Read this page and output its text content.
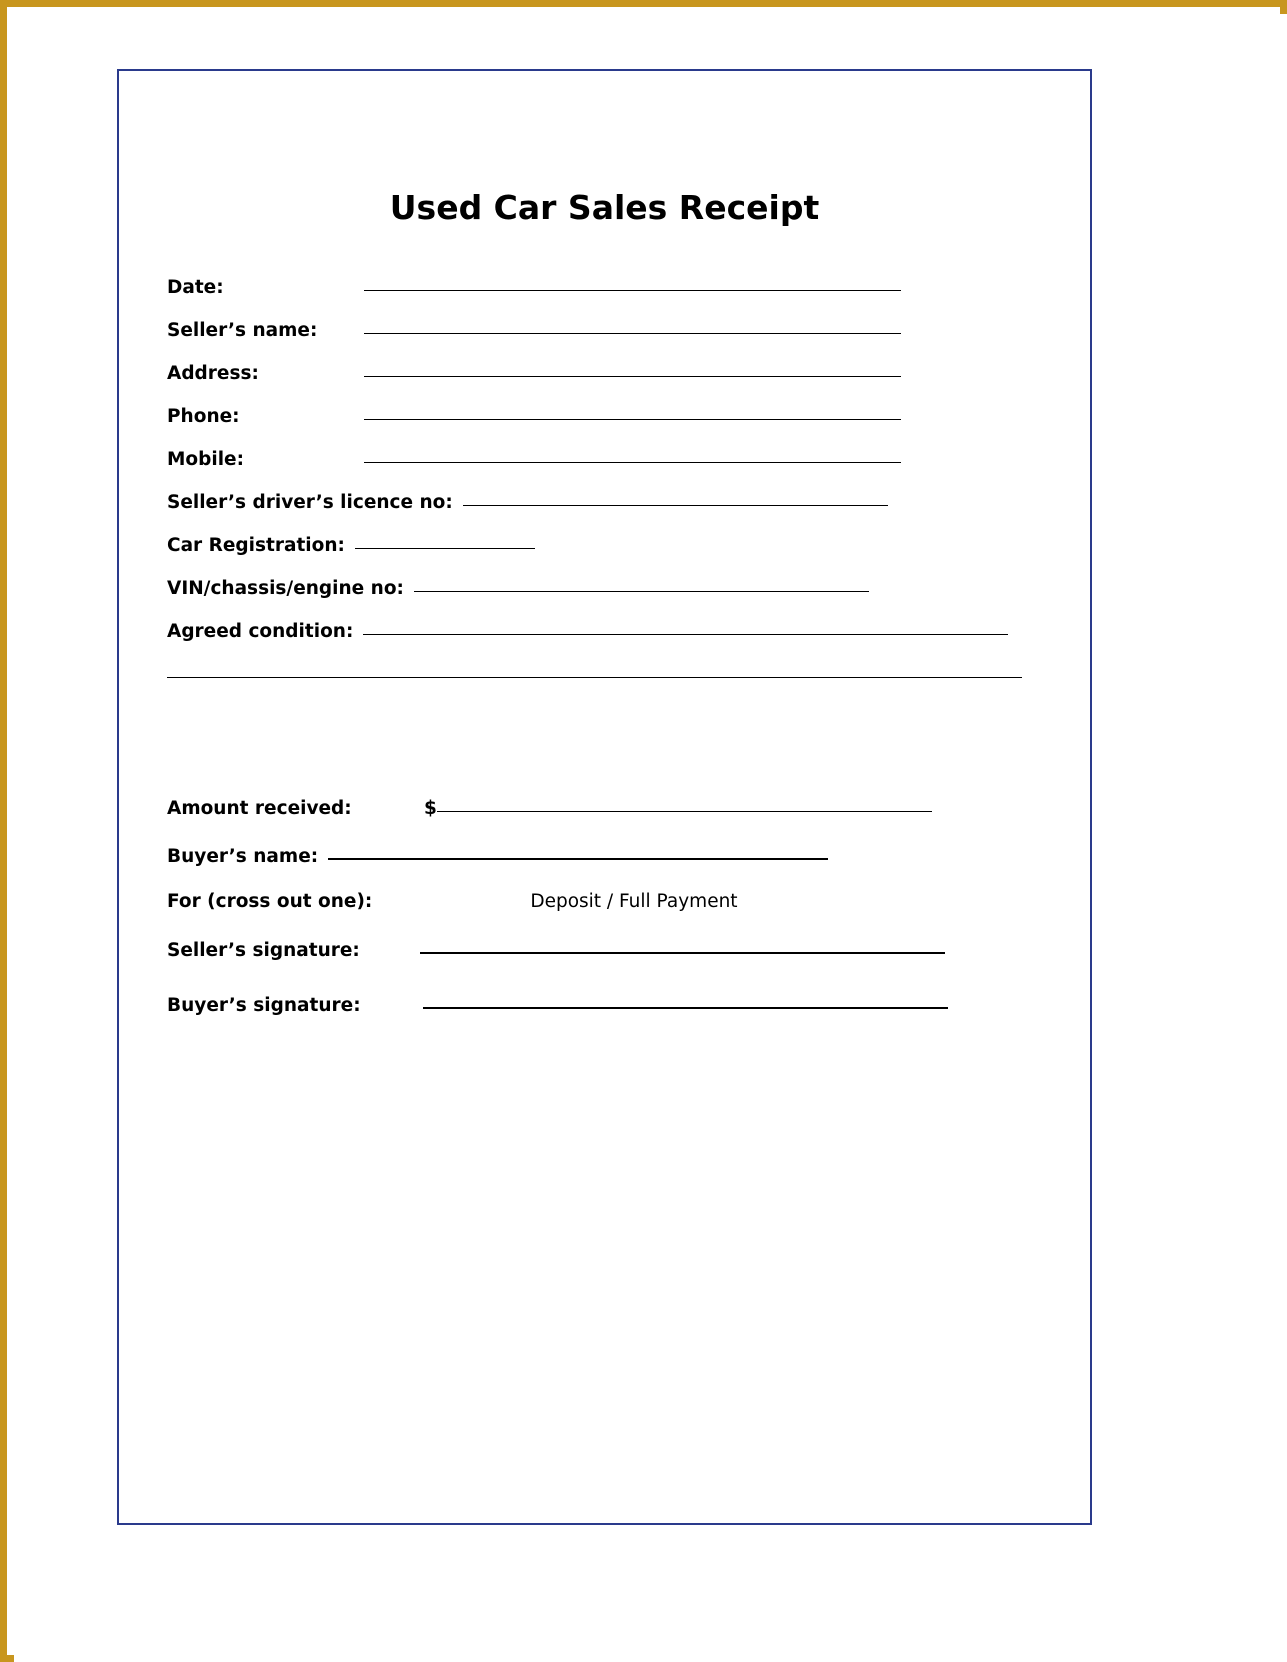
Used Car Sales Receipt
Date:
Seller’s name:
Address:
Phone:
Mobile:
Seller’s driver’s licence no:
Car Registration:
VIN/chassis/engine no:
Agreed condition:
Amount received:	$
Buyer’s name:
For (cross out one):	Deposit / Full Payment
Seller’s signature:
Buyer’s signature:
